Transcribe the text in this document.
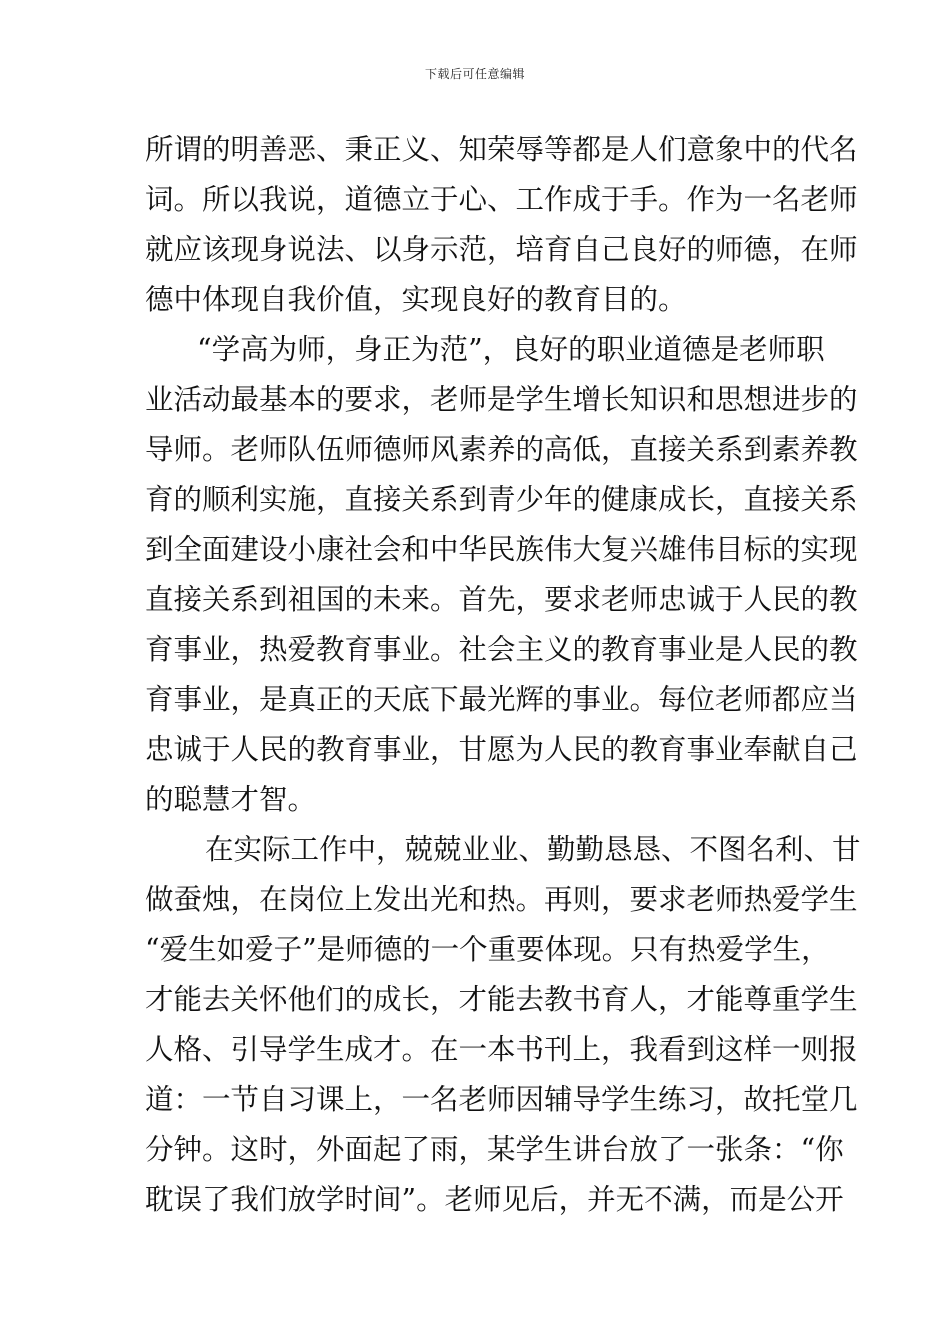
下载后可任意编辑
所谓的明善恶、秉正义、知荣辱等都是人们意象中的代名
词。所以我说，道德立于心、工作成于手。作为一名老师
就应该现身说法、以身示范，培育自己良好的师德，在师
德中体现自我价值，实现良好的教育目的。
“学高为师，身正为范”，良好的职业道德是老师职
业活动最基本的要求，老师是学生增长知识和思想进步的
导师。老师队伍师德师风素养的高低，直接关系到素养教
育的顺利实施，直接关系到青少年的健康成长，直接关系
到全面建设小康社会和中华民族伟大复兴雄伟目标的实现
直接关系到祖国的未来。首先，要求老师忠诚于人民的教
育事业，热爱教育事业。社会主义的教育事业是人民的教
育事业，是真正的天底下最光辉的事业。每位老师都应当
忠诚于人民的教育事业，甘愿为人民的教育事业奉献自己
的聪慧才智。
在实际工作中，兢兢业业、勤勤恳恳、不图名利、甘
做蚕烛，在岗位上发出光和热。再则，要求老师热爱学生
“爱生如爱子”是师德的一个重要体现。只有热爱学生，
才能去关怀他们的成长，才能去教书育人，才能尊重学生
人格、引导学生成才。在一本书刊上，我看到这样一则报
道：一节自习课上，一名老师因辅导学生练习，故托堂几
分钟。这时，外面起了雨，某学生讲台放了一张条：“你
耽误了我们放学时间”。老师见后，并无不满，而是公开
